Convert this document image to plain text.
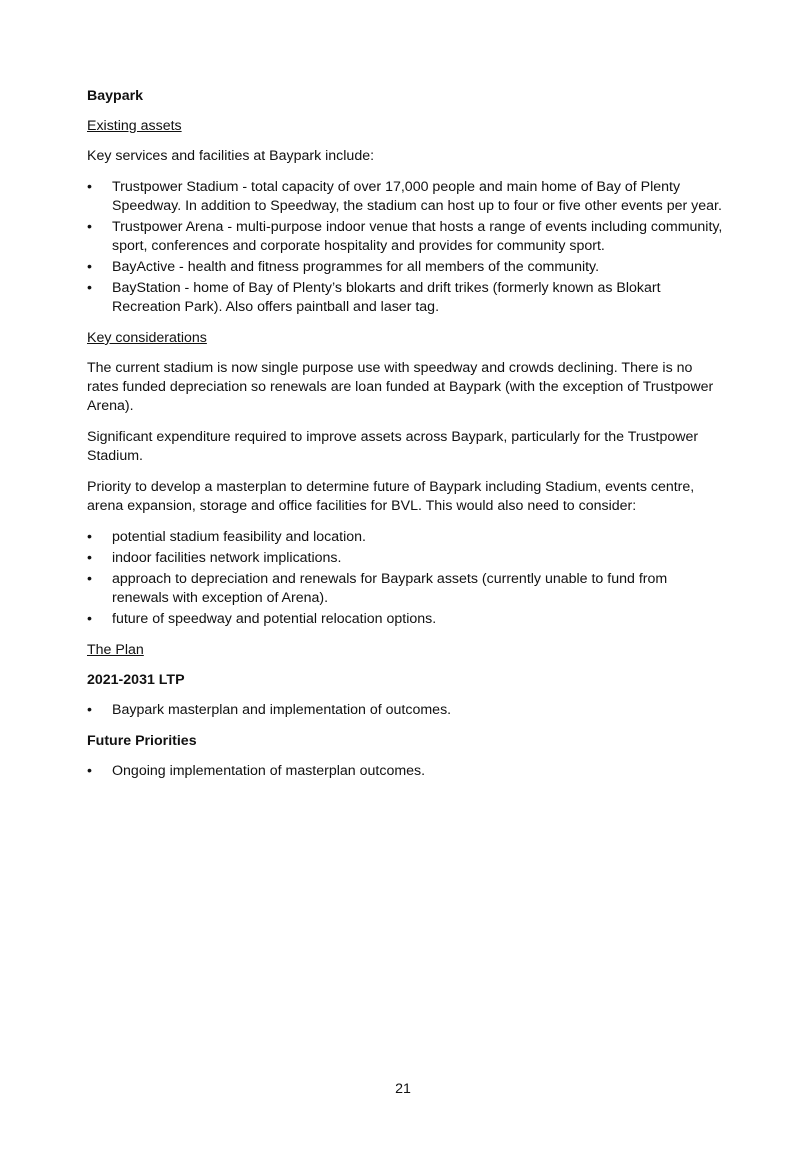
Baypark
Existing assets

Key services and facilities at Baypark include:

• Trustpower Stadium - total capacity of over 17,000 people and main home of Bay of Plenty Speedway. In addition to Speedway, the stadium can host up to four or five other events per year.
• Trustpower Arena - multi-purpose indoor venue that hosts a range of events including community, sport, conferences and corporate hospitality and provides for community sport.
• BayActive - health and fitness programmes for all members of the community.
• BayStation - home of Bay of Plenty’s blokarts and drift trikes (formerly known as Blokart Recreation Park). Also offers paintball and laser tag.
Key considerations

The current stadium is now single purpose use with speedway and crowds declining. There is no rates funded depreciation so renewals are loan funded at Baypark (with the exception of Trustpower Arena).

Significant expenditure required to improve assets across Baypark, particularly for the Trustpower Stadium.

Priority to develop a masterplan to determine future of Baypark including Stadium, events centre, arena expansion, storage and office facilities for BVL. This would also need to consider:

• potential stadium feasibility and location.
• indoor facilities network implications.
• approach to depreciation and renewals for Baypark assets (currently unable to fund from renewals with exception of Arena).
• future of speedway and potential relocation options.
The Plan
2021-2031 LTP
• Baypark masterplan and implementation of outcomes.
Future Priorities
• Ongoing implementation of masterplan outcomes.
21
